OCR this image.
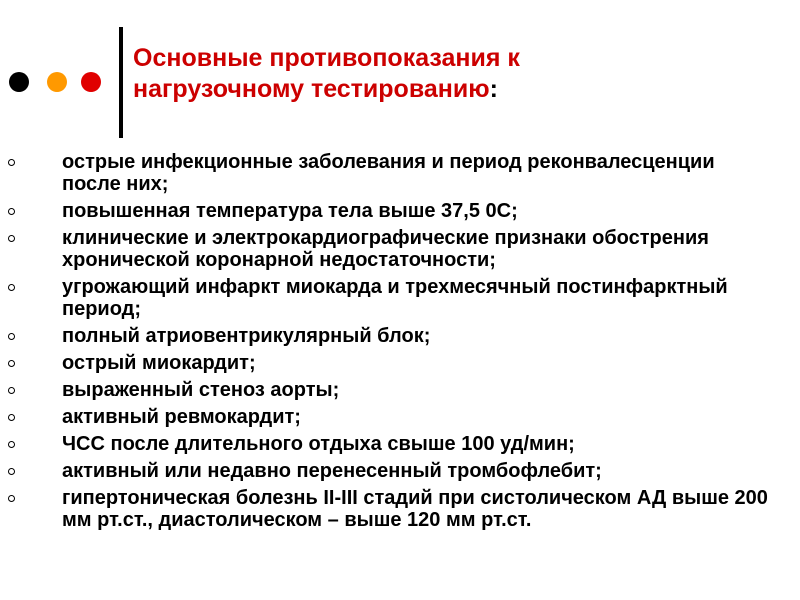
Основные противопоказания к нагрузочному тестированию:
острые инфекционные заболевания и период реконвалесценции после них;
повышенная температура тела выше 37,5 0С;
клинические и электрокардиографические признаки обострения хронической коронарной недостаточности;
угрожающий инфаркт миокарда и трехмесячный постинфарктный период;
полный атриовентрикулярный блок;
острый миокардит;
выраженный стеноз аорты;
активный ревмокардит;
ЧСС после длительного отдыха свыше 100 уд/мин;
активный или недавно перенесенный тромбофлебит;
гипертоническая болезнь II-III стадий при систолическом АД выше 200 мм рт.ст., диастолическом – выше 120 мм рт.ст.
